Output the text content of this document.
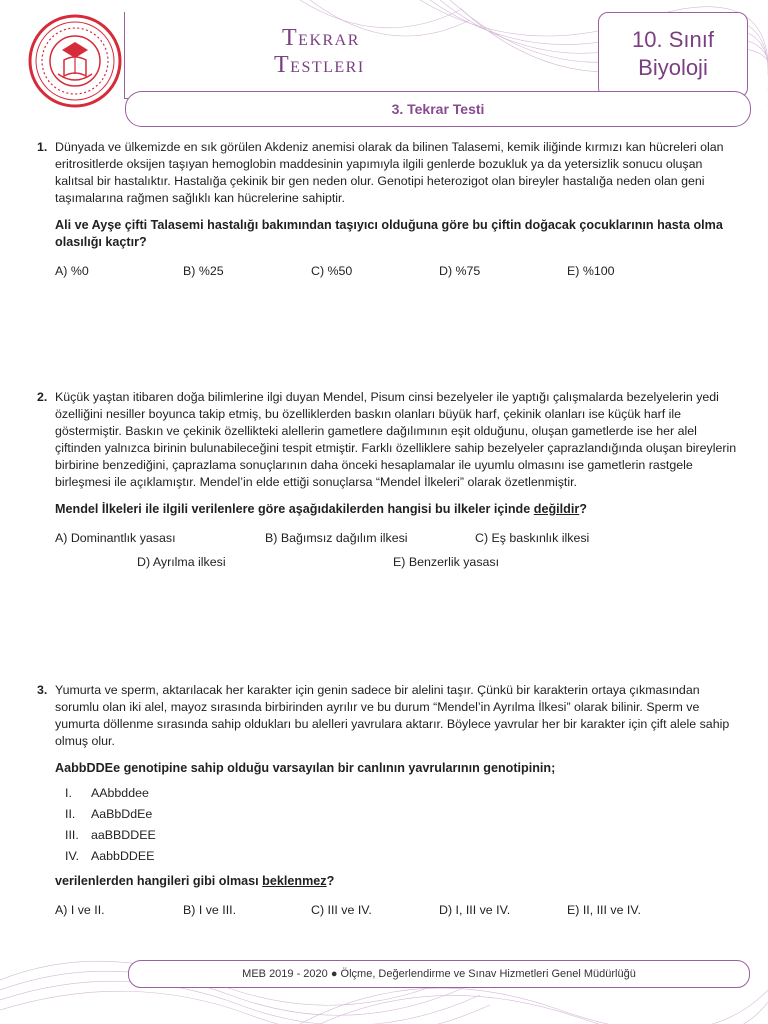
TEKRAR
TESTLERI
10. Sınıf
Biyoloji
3. Tekrar Testi
1. Dünyada ve ülkemizde en sık görülen Akdeniz anemisi olarak da bilinen Talasemi, kemik iliğinde kırmızı kan hücreleri olan eritrositlerde oksijen taşıyan hemoglobin maddesinin yapımıyla ilgili genlerde bozukluk ya da yetersizlik sonucu oluşan kalıtsal bir hastalıktır. Hastalığa çekinik bir gen neden olur. Genotipi heterozigot olan bireyler hastalığa neden olan geni taşımalarına rağmen sağlıklı kan hücrelerine sahiptir.

Ali ve Ayşe çifti Talasemi hastalığı bakımından taşıyıcı olduğuna göre bu çiftin doğacak çocuklarının hasta olma olasılığı kaçtır?

A) %0	B) %25	C) %50	D) %75	E) %100
2. Küçük yaştan itibaren doğa bilimlerine ilgi duyan Mendel, Pisum cinsi bezelyeler ile yaptığı çalışmalarda bezelyelerin yedi özelliğini nesiller boyunca takip etmiş, bu özelliklerden baskın olanları büyük harf, çekinik olanları ise küçük harf ile göstermiştir. Baskın ve çekinik özellikteki alellerin gametlere dağılımının eşit olduğunu, oluşan gametlerde ise her alel çiftinden yalnızca birinin bulunabileceğini tespit etmiştir. Farklı özelliklere sahip bezelyeler çaprazlandığında oluşan bireylerin birbirine benzediğini, çaprazlama sonuçlarının daha önceki hesaplamalar ile uyumlu olmasını ise gametlerin rastgele birleşmesi ile açıklamıştır. Mendel’in elde ettiği sonuçlarsa “Mendel İlkeleri” olarak özetlenmiştir.

Mendel İlkeleri ile ilgili verilenlere göre aşağıdakilerden hangisi bu ilkeler içinde değildir?

A) Dominantlık yasası	B) Bağımsız dağılım ilkesi	C) Eş baskınlık ilkesi
D) Ayrılma ilkesi	E) Benzerlik yasası
3. Yumurta ve sperm, aktarılacak her karakter için genin sadece bir alelini taşır. Çünkü bir karakterin ortaya çıkmasından sorumlu olan iki alel, mayoz sırasında birbirinden ayrılır ve bu durum “Mendel’in Ayrılma İlkesi” olarak bilinir. Sperm ve yumurta döllenme sırasında sahip oldukları bu alelleri yavrulara aktarır. Böylece yavrular her bir karakter için çift alele sahip olmuş olur.

AabbDDEe genotipine sahip olduğu varsayılan bir canlının yavrularının genotipinin;

I. AAbbddee
II. AaBbDdEe
III. aaBBDDEE
IV. AabbDDEE

verilenlerden hangileri gibi olması beklenmez?

A) I ve II.	B) I ve III.	C) III ve IV.	D) I, III ve IV.	E) II, III ve IV.
MEB 2019 - 2020 ● Ölçme, Değerlendirme ve Sınav Hizmetleri Genel Müdürlüğü
